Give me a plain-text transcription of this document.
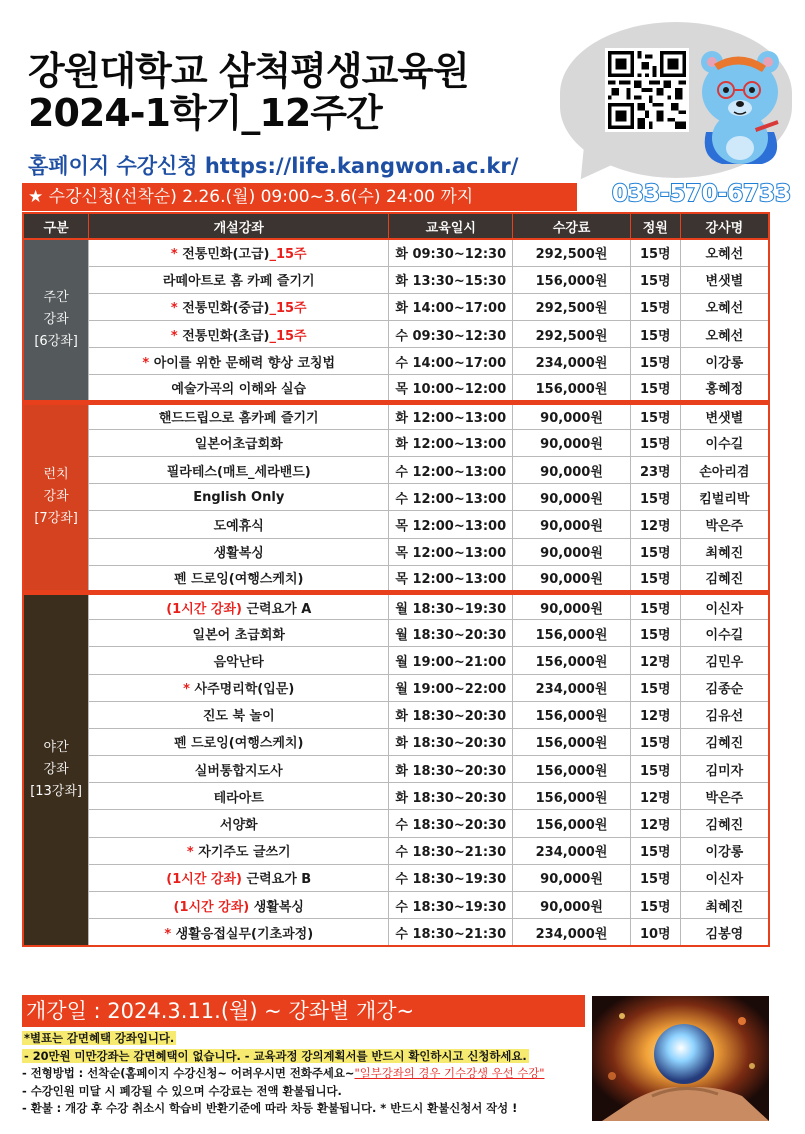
강원대학교 삼척평생교육원
2024-1학기_12주간
홈페이지 수강신청 https://life.kangwon.ac.kr/
★ 수강신청(선착순) 2.26.(월) 09:00~3.6(수) 24:00 까지	033-570-6733
구분	개설강좌	교육일시	수강료	정원	강사명

주간
강좌
[6강좌]	* 전통민화(고급)_15주	화 09:30~12:30	292,500원	15명	오혜선
	라떼아트로 홈 카페 즐기기	화 13:30~15:30	156,000원	15명	변샛별
	* 전통민화(중급)_15주	화 14:00~17:00	292,500원	15명	오혜선
	* 전통민화(초급)_15주	수 09:30~12:30	292,500원	15명	오혜선
	* 아이를 위한 문해력 향상 코칭법	수 14:00~17:00	234,000원	15명	이강롱
	예술가곡의 이해와 실습	목 10:00~12:00	156,000원	15명	홍혜정

런치
강좌
[7강좌]	핸드드립으로 홈카페 즐기기	화 12:00~13:00	90,000원	15명	변샛별
	일본어초급회화	화 12:00~13:00	90,000원	15명	이수길
	필라테스(매트_세라밴드)	수 12:00~13:00	90,000원	23명	손아리겸
	English Only	수 12:00~13:00	90,000원	15명	킴벌리박
	도예휴식	목 12:00~13:00	90,000원	12명	박은주
	생활복싱	목 12:00~13:00	90,000원	15명	최혜진
	펜 드로잉(여행스케치)	목 12:00~13:00	90,000원	15명	김혜진

야간
강좌
[13강좌]	(1시간 강좌) 근력요가 A	월 18:30~19:30	90,000원	15명	이신자
	일본어 초급회화	월 18:30~20:30	156,000원	15명	이수길
	음악난타	월 19:00~21:00	156,000원	12명	김민우
	* 사주명리학(입문)	월 19:00~22:00	234,000원	15명	김종순
	진도 북 놀이	화 18:30~20:30	156,000원	12명	김유선
	펜 드로잉(여행스케치)	화 18:30~20:30	156,000원	15명	김혜진
	실버통합지도사	화 18:30~20:30	156,000원	15명	김미자
	테라아트	화 18:30~20:30	156,000원	12명	박은주
	서양화	수 18:30~20:30	156,000원	12명	김혜진
	* 자기주도 글쓰기	수 18:30~21:30	234,000원	15명	이강롱
	(1시간 강좌) 근력요가 B	수 18:30~19:30	90,000원	15명	이신자
	(1시간 강좌) 생활복싱	수 18:30~19:30	90,000원	15명	최혜진
	* 생활응접실무(기초과정)	수 18:30~21:30	234,000원	10명	김봉영
개강일 : 2024.3.11.(월) ~ 강좌별 개강~
*별표는 감면혜택 강좌입니다.
- 20만원 미만강좌는 감면혜택이 없습니다. - 교육과정 강의계획서를 반드시 확인하시고 신청하세요.
- 전형방법 : 선착순(홈페이지 수강신청~ 어려우시면 전화주세요~"일부강좌의 경우 기수강생 우선 수강"
- 수강인원 미달 시 폐강될 수 있으며 수강료는 전액 환불됩니다.
- 환불 : 개강 후 수강 취소시 학습비 반환기준에 따라 차등 환불됩니다. * 반드시 환불신청서 작성 !
